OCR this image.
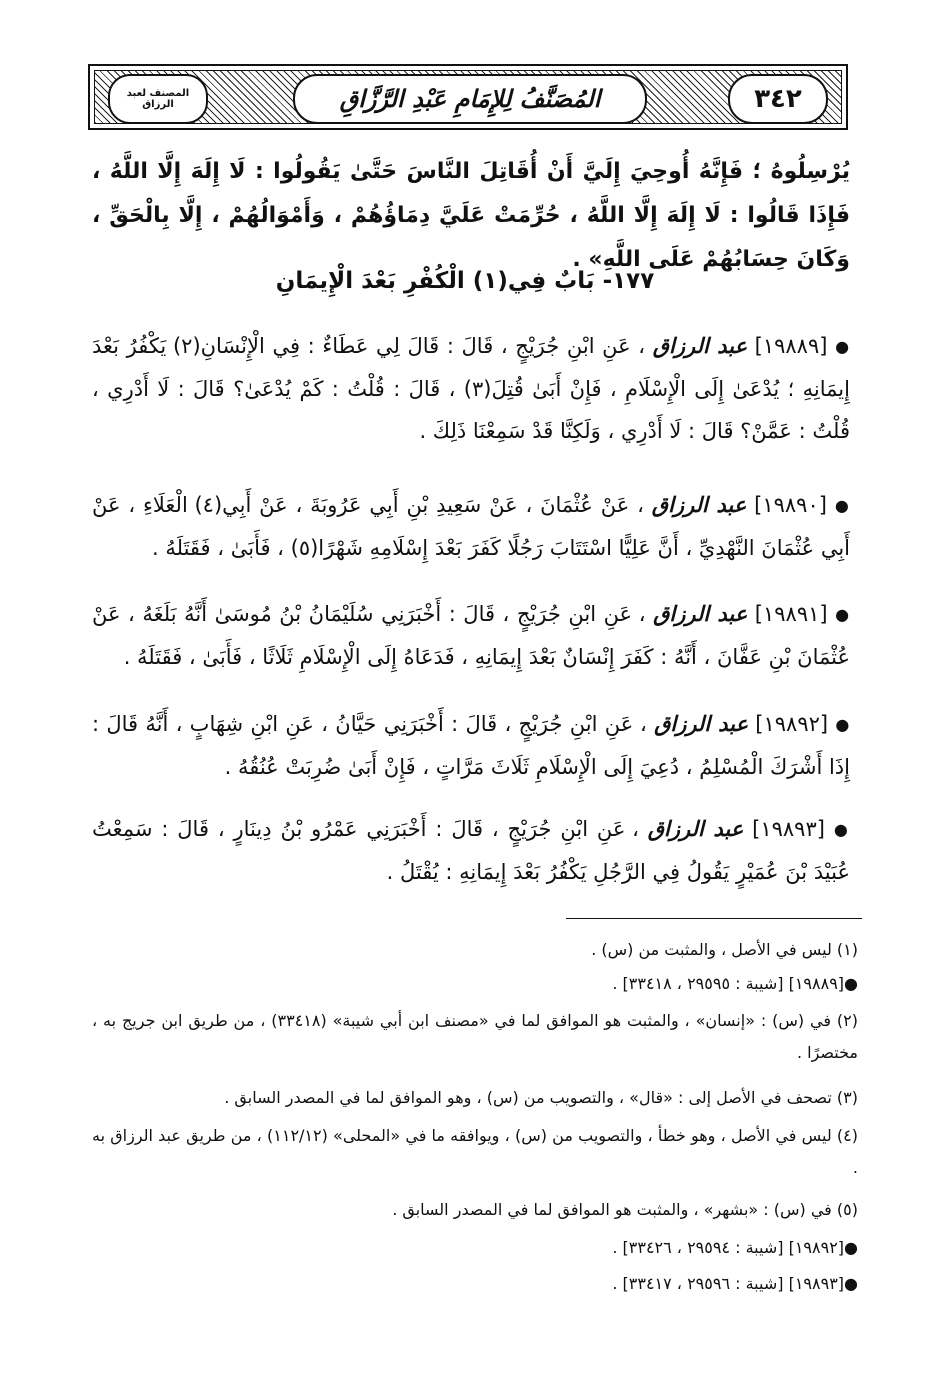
المصنف لعبد الرزاق	المُصَنَّفُ لِلإِمَامِ عَبْدِ الرَّزَّاقِ	٣٤٢
يُرْسِلُوهُ ؛ فَإِنَّهُ أُوحِيَ إِلَيَّ أَنْ أُقَاتِلَ النَّاسَ حَتَّىٰ يَقُولُوا : لَا إِلَهَ إِلَّا اللَّهُ ، فَإِذَا قَالُوا : لَا إِلَهَ إِلَّا اللَّهُ ، حُرِّمَتْ عَلَيَّ دِمَاؤُهُمْ ، وَأَمْوَالُهُمْ ، إِلَّا بِالْحَقِّ ، وَكَانَ حِسَابُهُمْ عَلَى اللَّهِ» .
١٧٧- بَابٌ فِي(١) الْكُفْرِ بَعْدَ الْإِيمَانِ
● [١٩٨٨٩] عبد الرزاق ، عَنِ ابْنِ جُرَيْجٍ ، قَالَ : قَالَ لِي عَطَاءٌ : فِي الْإِنْسَانِ(٢) يَكْفُرُ بَعْدَ إِيمَانِهِ ؛ يُدْعَىٰ إِلَى الْإِسْلَامِ ، فَإِنْ أَبَىٰ قُتِلَ(٣) ، قَالَ : قُلْتُ : كَمْ يُدْعَىٰ؟ قَالَ : لَا أَدْرِي ، قُلْتُ : عَمَّنْ؟ قَالَ : لَا أَدْرِي ، وَلَكِنَّا قَدْ سَمِعْنَا ذَلِكَ .
● [١٩٨٩٠] عبد الرزاق ، عَنْ عُثْمَانَ ، عَنْ سَعِيدِ بْنِ أَبِي عَرُوبَةَ ، عَنْ أَبِي(٤) الْعَلَاءِ ، عَنْ أَبِي عُثْمَانَ النَّهْدِيِّ ، أَنَّ عَلِيًّا اسْتَتَابَ رَجُلًا كَفَرَ بَعْدَ إِسْلَامِهِ شَهْرًا(٥) ، فَأَبَىٰ ، فَقَتَلَهُ .
● [١٩٨٩١] عبد الرزاق ، عَنِ ابْنِ جُرَيْجٍ ، قَالَ : أَخْبَرَنِي سُلَيْمَانُ بْنُ مُوسَىٰ أَنَّهُ بَلَغَهُ ، عَنْ عُثْمَانَ بْنِ عَفَّانَ ، أَنَّهُ : كَفَرَ إِنْسَانٌ بَعْدَ إِيمَانِهِ ، فَدَعَاهُ إِلَى الْإِسْلَامِ ثَلَاثًا ، فَأَبَىٰ ، فَقَتَلَهُ .
● [١٩٨٩٢] عبد الرزاق ، عَنِ ابْنِ جُرَيْجٍ ، قَالَ : أَخْبَرَنِي حَيَّانُ ، عَنِ ابْنِ شِهَابٍ ، أَنَّهُ قَالَ : إِذَا أَشْرَكَ الْمُسْلِمُ ، دُعِيَ إِلَى الْإِسْلَامِ ثَلَاثَ مَرَّاتٍ ، فَإِنْ أَبَىٰ ضُرِبَتْ عُنُقُهُ .
● [١٩٨٩٣] عبد الرزاق ، عَنِ ابْنِ جُرَيْجٍ ، قَالَ : أَخْبَرَنِي عَمْرُو بْنُ دِينَارٍ ، قَالَ : سَمِعْتُ عُبَيْدَ بْنَ عُمَيْرٍ يَقُولُ فِي الرَّجُلِ يَكْفُرُ بَعْدَ إِيمَانِهِ : يُقْتَلُ .
(١) ليس في الأصل ، والمثبت من (س) .
●[١٩٨٨٩] [شيبة : ٢٩٥٩٥ ، ٣٣٤١٨] .
(٢) في (س) : «إنسان» ، والمثبت هو الموافق لما في «مصنف ابن أبي شيبة» (٣٣٤١٨) ، من طريق ابن جريج به ، مختصرًا .
(٣) تصحف في الأصل إلى : «قال» ، والتصويب من (س) ، وهو الموافق لما في المصدر السابق .
(٤) ليس في الأصل ، وهو خطأ ، والتصويب من (س) ، ويوافقه ما في «المحلى» (١١٢/١٢) ، من طريق عبد الرزاق به .
(٥) في (س) : «بشهر» ، والمثبت هو الموافق لما في المصدر السابق .
●[١٩٨٩٢] [شيبة : ٢٩٥٩٤ ، ٣٣٤٢٦] .
●[١٩٨٩٣] [شيبة : ٢٩٥٩٦ ، ٣٣٤١٧] .
